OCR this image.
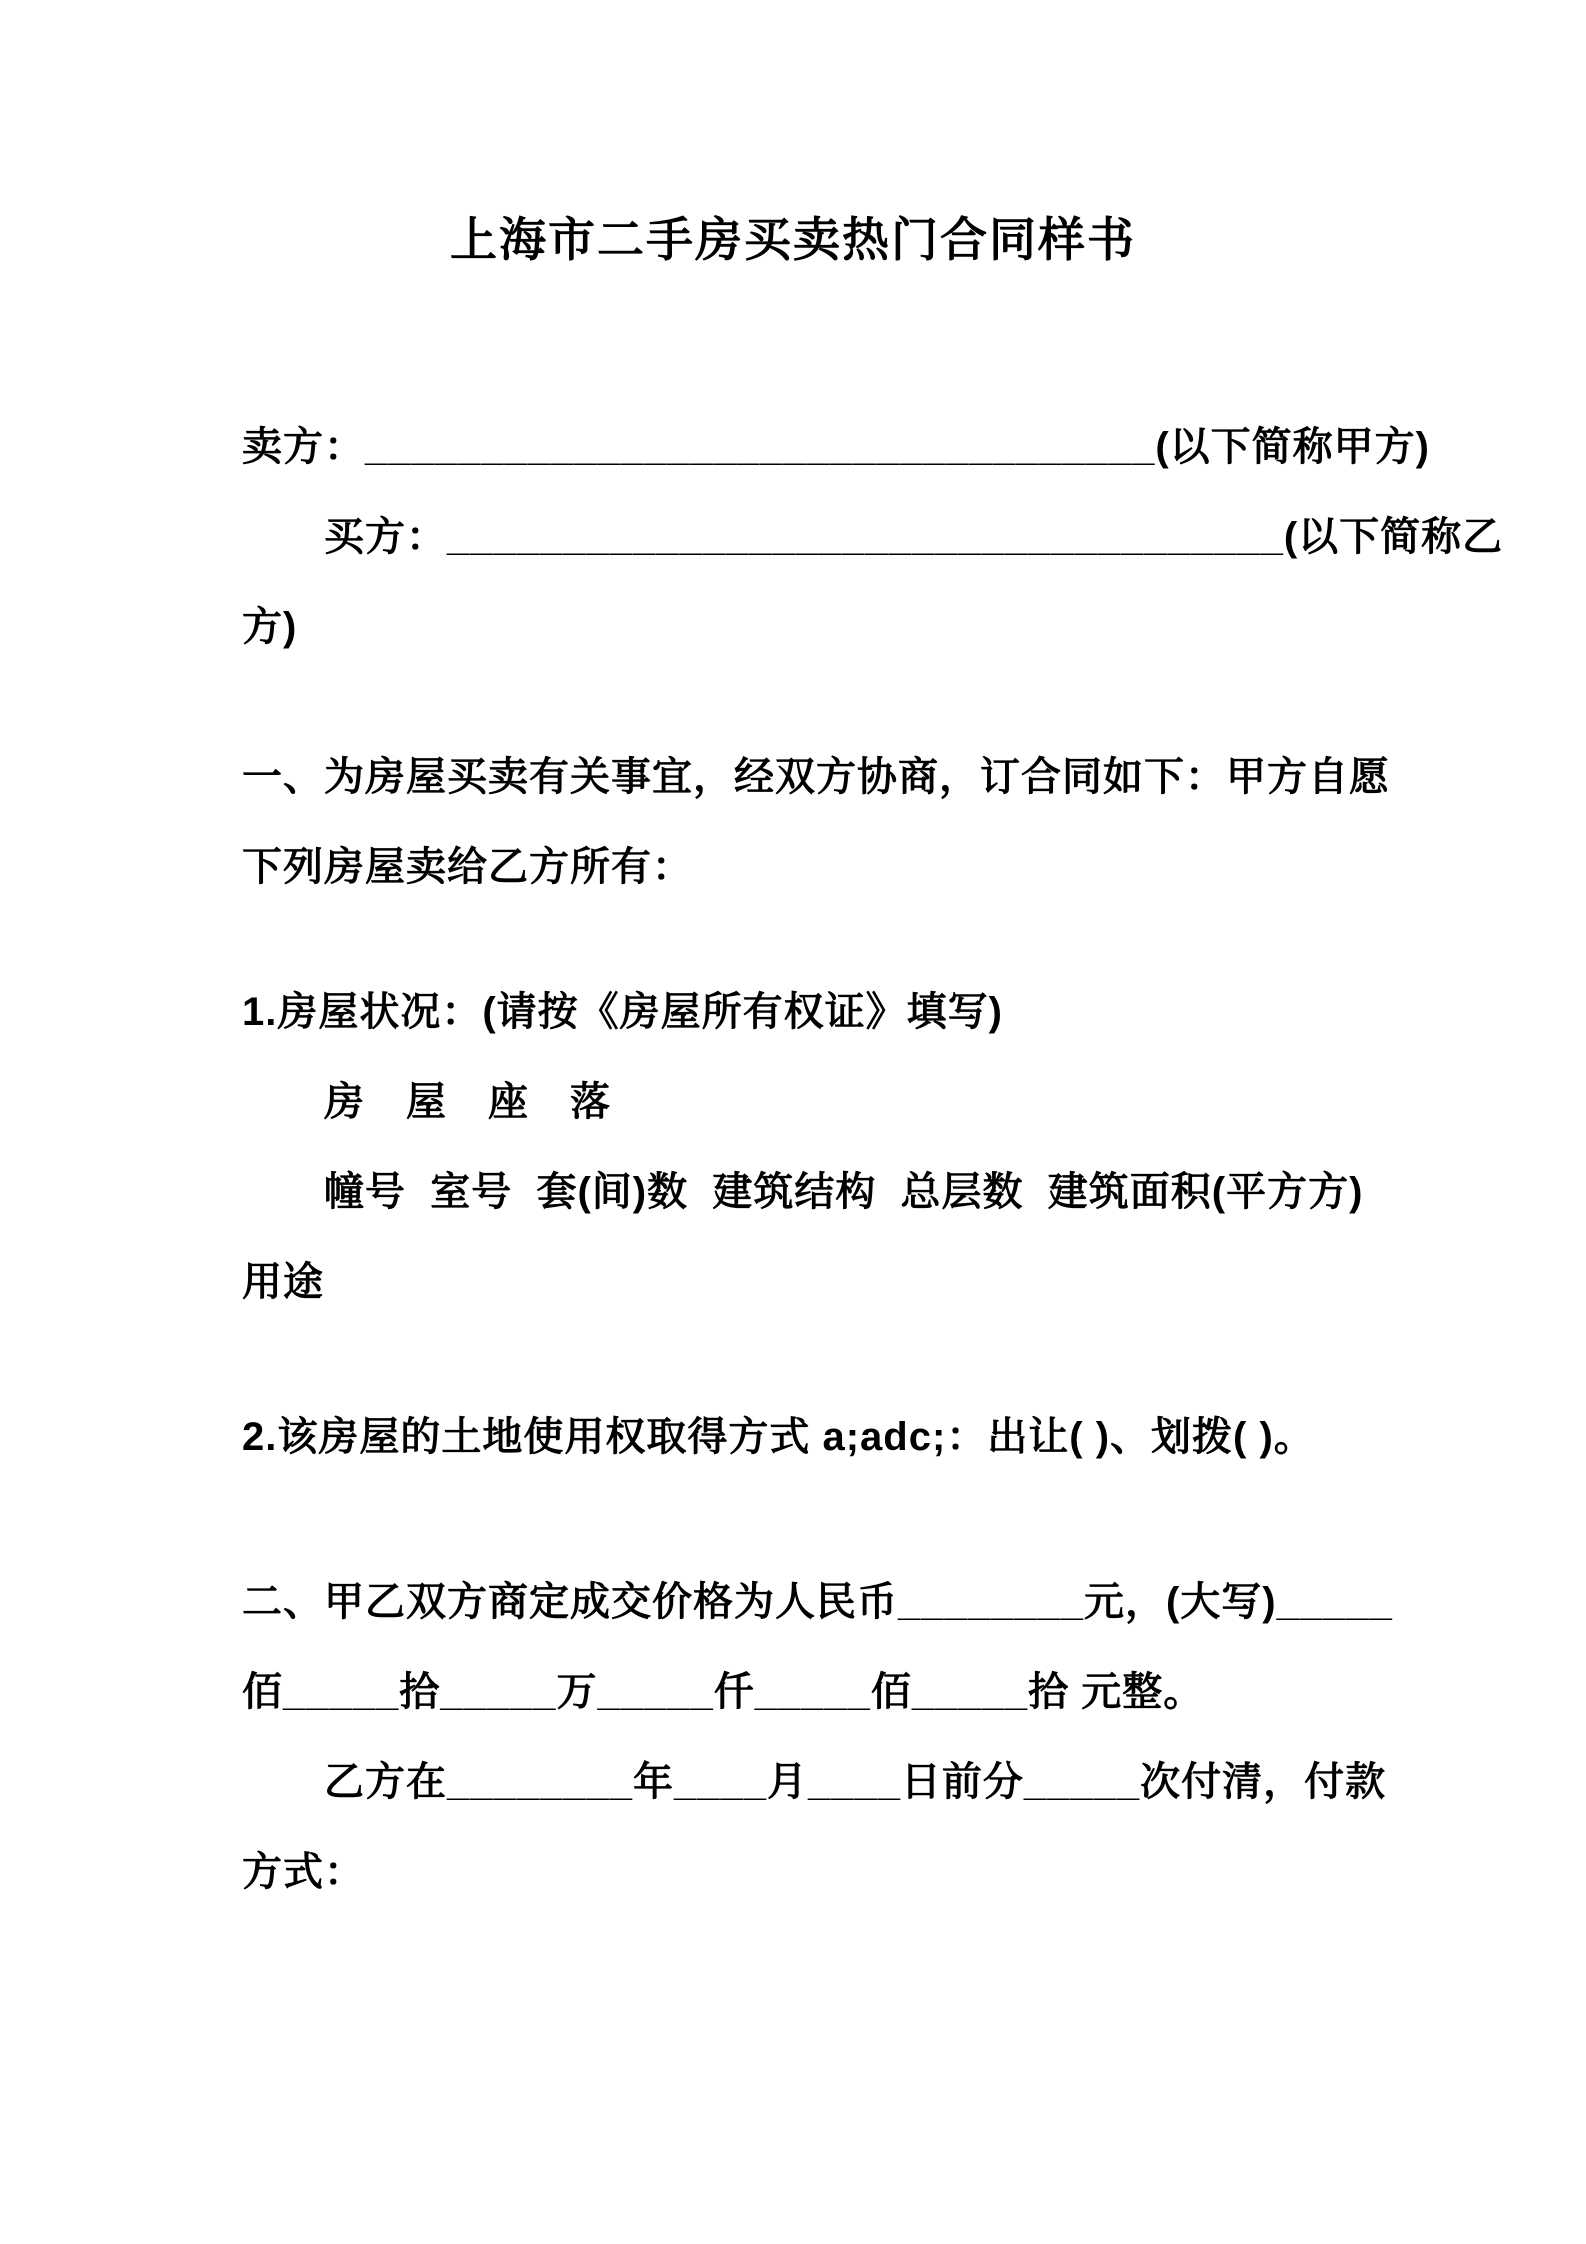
上海市二手房买卖热门合同样书
卖方：__________________________________(以下简称甲方)
买方：____________________________________(以下简称乙
方)
一、为房屋买卖有关事宜，经双方协商，订合同如下：甲方自愿
下列房屋卖给乙方所有：
1.房屋状况：(请按《房屋所有权证》填写)
房　屋　座　落
幢号  室号  套(间)数  建筑结构  总层数  建筑面积(平方方)
用途
2.该房屋的土地使用权取得方式 a;adc;：出让( )、划拨( )。
二、甲乙双方商定成交价格为人民币________元，(大写)_____
佰_____拾_____万_____仟_____佰_____拾 元整。
乙方在________年____月____日前分_____次付清，付款
方式：
